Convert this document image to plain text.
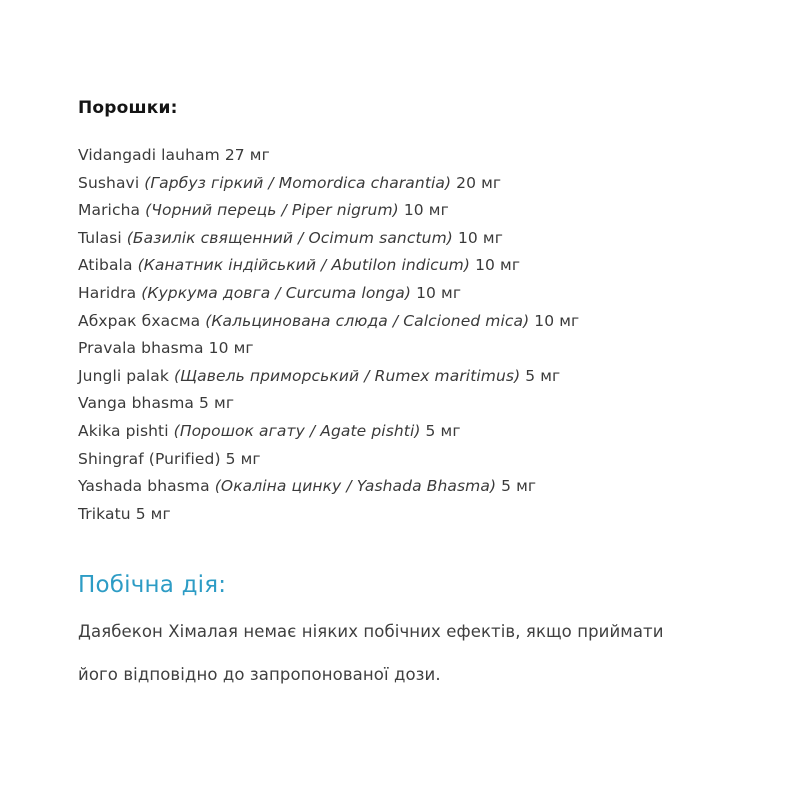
Порошки:
Vidangadi lauham 27 мг
Sushavi (Гарбуз гіркий / Momordica charantia) 20 мг
Maricha (Чорний перець / Piper nigrum) 10 мг
Tulasi (Базилік священний / Ocimum sanctum) 10 мг
Atibala (Канатник індійський / Abutilon indicum) 10 мг
Haridra (Куркума довга / Curcuma longa) 10 мг
Абхрак бхасма (Кальцинована слюда / Calcioned mica) 10 мг
Pravala bhasma 10 мг
Jungli palak (Щавель приморський / Rumex maritimus) 5 мг
Vanga bhasma 5 мг
Akika pishti (Порошок агату / Agate pishti) 5 мг
Shingraf (Purified) 5 мг
Yashada bhasma (Окаліна цинку / Yashada Bhasma) 5 мг
Trikatu 5 мг
Побічна дія:
Даябекон Хімалая немає ніяких побічних ефектів, якщо приймати
його відповідно до запропонованої дози.
